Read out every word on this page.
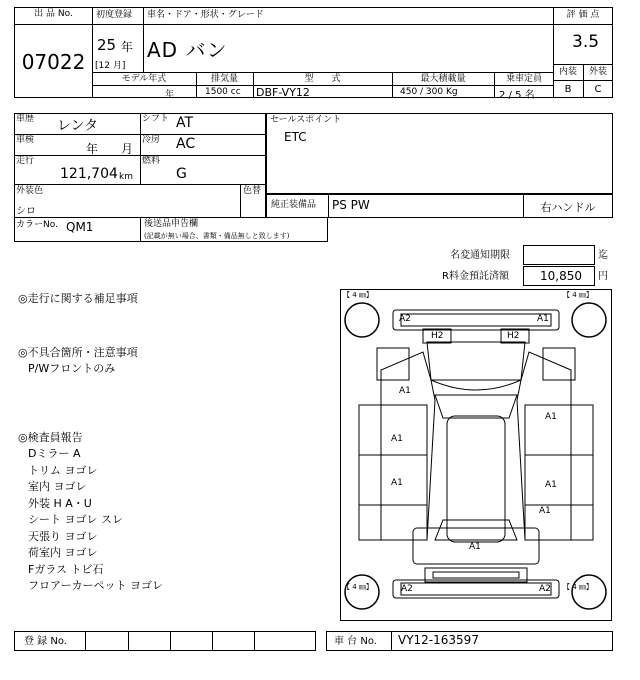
出 品 No.
07022
初度登録 車名・ドア・形状・グレード
25 年
[12 月]
AD バン
モデル年式	排気量	型　　式	最大積載量	乗車定員
年	1500 cc DBF-VY12	450 / 300 Kg	2 / 5 名
評 価 点
3.5
内装	外装
B	C
車歴 レンタ	シフト AT
車検
年 月
冷房 AC
走行
121,704 km
燃料
G
セールスポイント
ETC
外装色
シロ
色替
純正装備品 PS PW	右ハンドル
カラーNo. QM1	後送品申告欄
(記載が無い場合、書類・備品無しと致します)
名変通知期限	迄
R料金預託済額	10,850 円
◎走行に関する補足事項
◎不具合箇所・注意事項
P/Wフロントのみ
◎検査員報告
Dミラー A
トリム ヨゴレ
室内 ヨゴレ
外装 H A・U
シート ヨゴレ スレ
天張り ヨゴレ
荷室内 ヨゴレ
Fガラス トビ石
フロアーカーペット ヨゴレ
【 4 ㎜】	【 4 ㎜】
【 4 ㎜】	【 4 ㎜】
A2	A1
H2	H2
A1
A1
A1
A1	A1
A1
A1
A2	A2
登 録 No.	車 台 No. VY12-163597
